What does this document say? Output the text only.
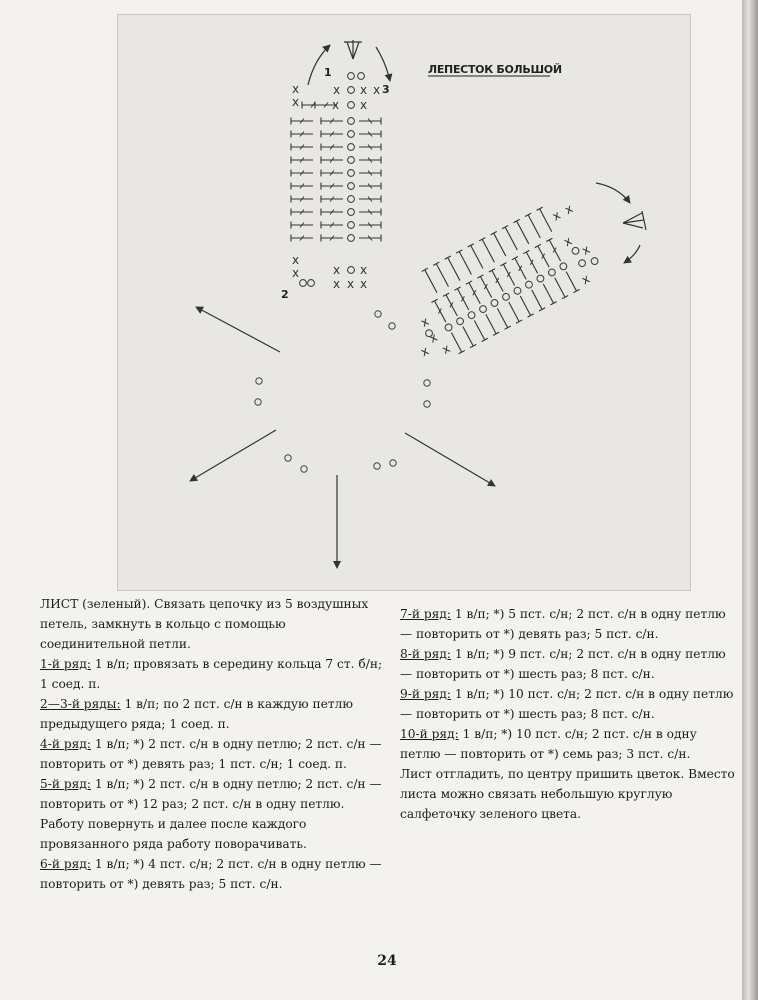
ЛЕПЕСТОК БОЛЬШОЙ
x x x
x x
x
x
x
x	x x
x x x
x
x
x x
x x
x
x
x
1
2
3

ЛИСТ (зеленый). Связать цепочку из 5 воздушных петель, замкнуть в кольцо с помощью соединительной петли.

1-й ряд: 1 в/п; провязать в середину кольца 7 ст. б/н; 1 соед. п.

2—3-й ряды: 1 в/п; по 2 пст. с/н в каждую петлю предыдущего ряда; 1 соед. п.

4-й ряд: 1 в/п; *) 2 пст. с/н в одну петлю; 2 пст. с/н — повторить от *) девять раз; 1 пст. с/н; 1 соед. п.

5-й ряд: 1 в/п; *) 2 пст. с/н в одну петлю; 2 пст. с/н — повторить от *) 12 раз; 2 пст. с/н в одну петлю.

Работу повернуть и далее после каждого провязанного ряда работу поворачивать.

6-й ряд: 1 в/п; *) 4 пст. с/н; 2 пст. с/н в одну петлю — повторить от *) девять раз; 5 пст. с/н.

7-й ряд: 1 в/п; *) 5 пст. с/н; 2 пст. с/н в одну петлю — повторить от *) девять раз; 5 пст. с/н.

8-й ряд: 1 в/п; *) 9 пст. с/н; 2 пст. с/н в одну петлю — повторить от *) шесть раз; 8 пст. с/н.

9-й ряд: 1 в/п; *) 10 пст. с/н; 2 пст. с/н в одну петлю — повторить от *) шесть раз; 8 пст. с/н.

10-й ряд: 1 в/п; *) 10 пст. с/н; 2 пст. с/н в одну петлю — повторить от *) семь раз; 3 пст. с/н.

Лист отгладить, по центру пришить цветок. Вместо листа можно связать небольшую круглую салфеточку зеленого цвета.

24
